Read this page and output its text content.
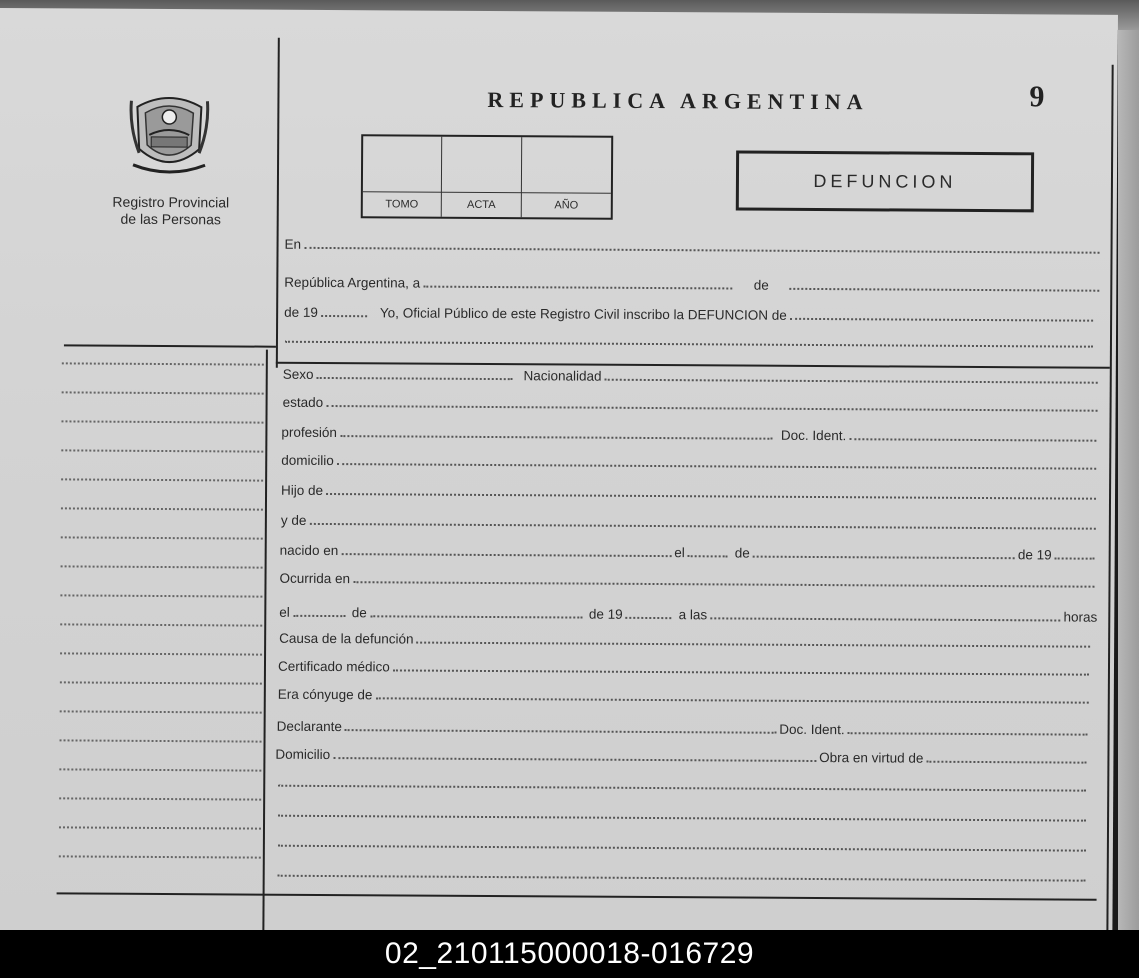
Registro Provincial
de las Personas
REPUBLICA ARGENTINA	9
TOMO	ACTA	AÑO
DEFUNCION
En
República Argentina, a	de
de 19	Yo, Oficial Público de este Registro Civil inscribo la DEFUNCION de
Sexo	Nacionalidad
estado
profesión	Doc. Ident.
domicilio
Hijo de
y de
nacido en	el	de	de 19
Ocurrida en
el	de	de 19	a las	horas
Causa de la defunción
Certificado médico
Era cónyuge de
Declarante	Doc. Ident.
Domicilio	Obra en virtud de
02_210115000018-016729
